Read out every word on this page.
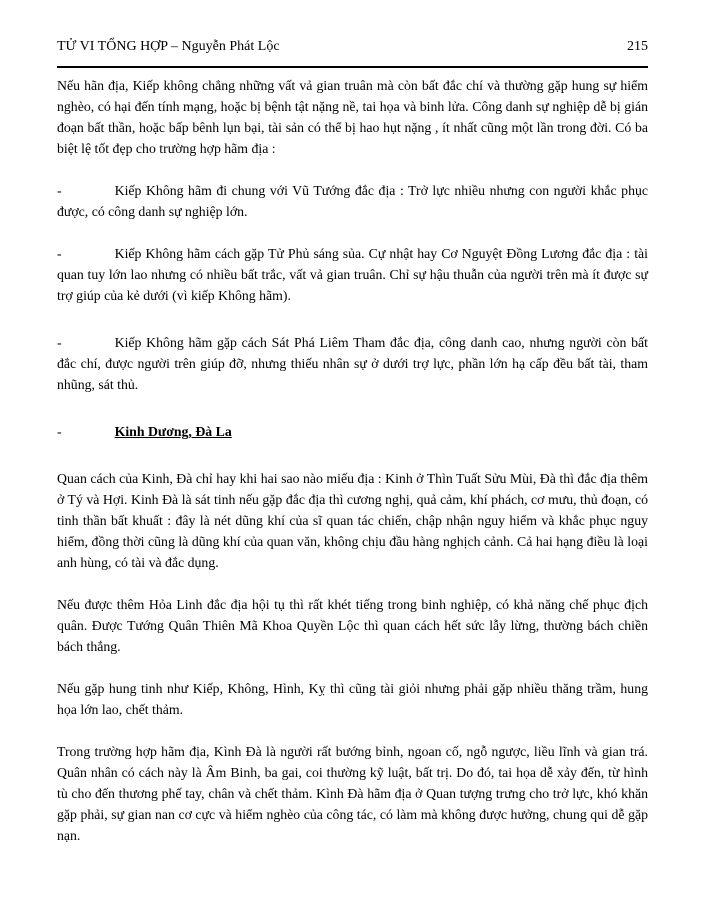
TỬ VI TỔNG HỢP – Nguyễn Phát Lộc	215

Nếu hãn địa, Kiếp không chẳng những vất vả gian truân mà còn bất đắc chí và thường gặp hung sự hiểm nghèo, có hại đến tính mạng, hoặc bị bệnh tật nặng nề, tai họa và binh lửa. Công danh sự nghiệp dễ bị gián đoạn bất thần, hoặc bấp bênh lụn bại, tài sản có thể bị hao hụt nặng , ít nhất cũng một lần trong đời. Có ba biệt lệ tốt đẹp cho trường hợp hãm địa :

-	Kiếp Không hãm đi chung với Vũ Tướng đắc địa : Trở lực nhiều nhưng con người khắc phục được, có công danh sự nghiệp lớn.

-	Kiếp Không hãm cách gặp Tử Phủ sáng sủa. Cự nhật hay Cơ Nguyệt Đồng Lương đắc địa : tài quan tuy lớn lao nhưng có nhiều bất trắc, vất vả gian truân. Chỉ sự hậu thuẫn của người trên mà ít được sự trợ giúp của kẻ dưới (vì kiếp Không hãm).

-	Kiếp Không hãm gặp cách Sát Phá Liêm Tham đắc địa, công danh cao, nhưng người còn bất đắc chí, được người trên giúp đỡ, nhưng thiếu nhân sự ở dưới trợ lực, phần lớn hạ cấp đều bất tài, tham nhũng, sát thủ.

-	Kinh Dương, Đà La

Quan cách của Kinh, Đà chỉ hay khi hai sao nào miếu địa : Kinh ở Thìn Tuất Sửu Mùi, Đà thì đắc địa thêm ở Tý và Hợi. Kinh Đà là sát tinh nếu gặp đắc địa thì cương nghị, quả cảm, khí phách, cơ mưu, thủ đoạn, có tinh thần bất khuất : đây là nét dũng khí của sĩ quan tác chiến, chập nhận nguy hiểm và khắc phục nguy hiểm, đồng thời cũng là dũng khí của quan văn, không chịu đầu hàng nghịch cảnh. Cả hai hạng điều là loại anh hùng, có tài và đắc dụng.

Nếu được thêm Hỏa Linh đắc địa hội tụ thì rất khét tiếng trong binh nghiệp, có khả năng chế phục địch quân. Được Tướng Quân Thiên Mã Khoa Quyền Lộc thì quan cách hết sức lẫy lừng, thường bách chiền bách thắng.

Nếu gặp hung tinh như Kiếp, Không, Hình, Kỵ thì cũng tài giỏi nhưng phải gặp nhiều thăng trầm, hung họa lớn lao, chết thảm.

Trong trường hợp hãm địa, Kình Đà là người rất bướng bỉnh, ngoan cố, ngỗ ngược, liều lĩnh và gian trá. Quân nhân có cách này là Âm Binh, ba gai, coi thường kỹ luật, bất trị. Do đó, tai họa dễ xảy đến, từ hình tù cho đến thương phế tay, chân và chết thảm. Kình Đà hãm địa ở Quan tượng trưng cho trở lực, khó khăn gặp phải, sự gian nan cơ cực và hiểm nghèo của công tác, có làm mà không được hưởng, chung qui dễ gặp nạn.
